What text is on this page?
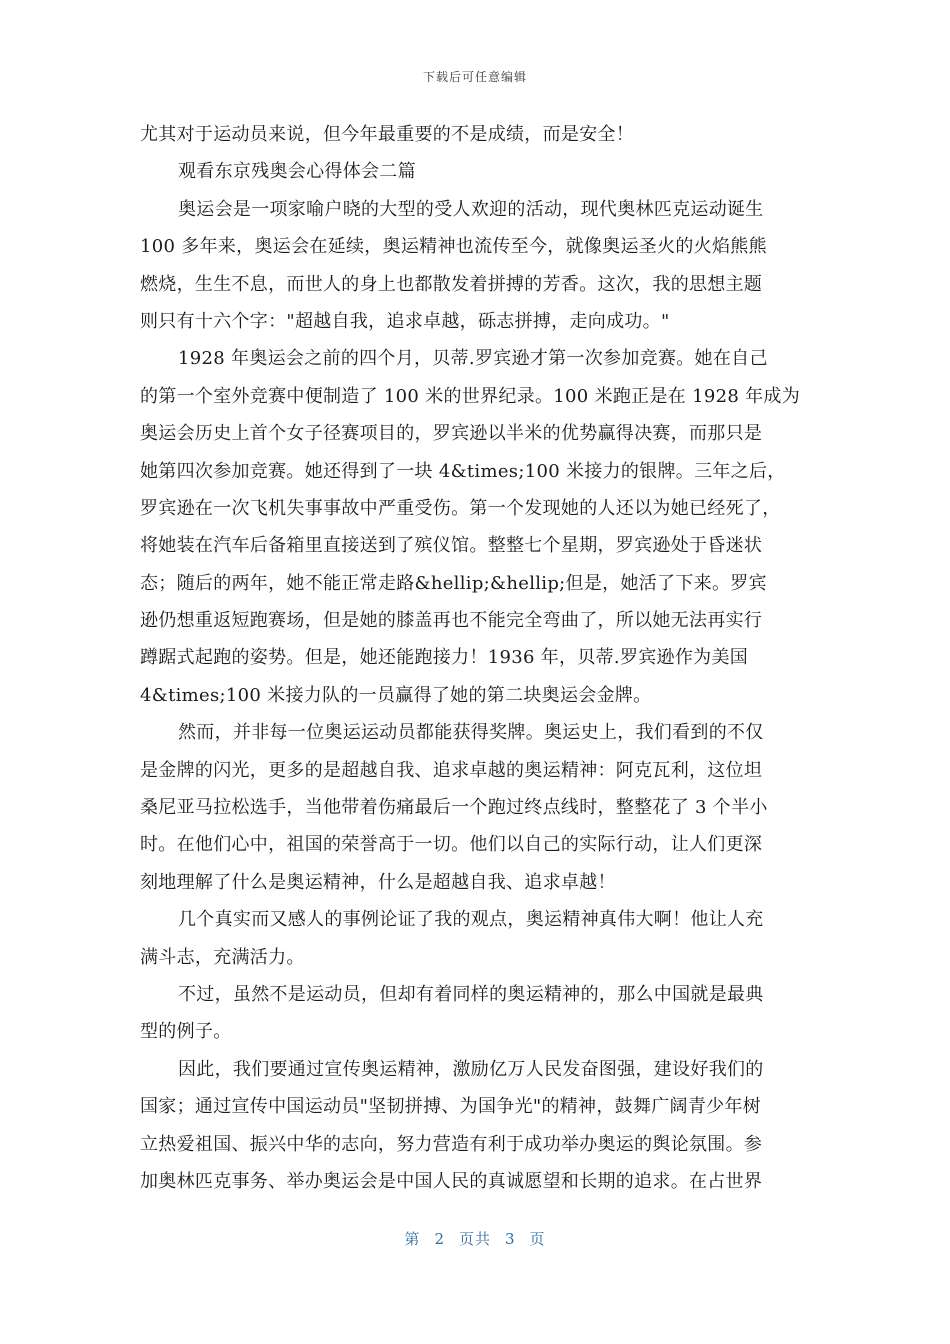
下载后可任意编辑
尤其对于运动员来说，但今年最重要的不是成绩，而是安全！
观看东京残奥会心得体会二篇
奥运会是一项家喻户晓的大型的受人欢迎的活动，现代奥林匹克运动诞生
100 多年来，奥运会在延续，奥运精神也流传至今，就像奥运圣火的火焰熊熊
燃烧，生生不息，而世人的身上也都散发着拼搏的芳香。这次，我的思想主题
则只有十六个字："超越自我，追求卓越，砾志拼搏，走向成功。"
1928 年奥运会之前的四个月，贝蒂.罗宾逊才第一次参加竞赛。她在自己
的第一个室外竞赛中便制造了 100 米的世界纪录。100 米跑正是在 1928 年成为
奥运会历史上首个女子径赛项目的，罗宾逊以半米的优势赢得决赛，而那只是
她第四次参加竞赛。她还得到了一块 4&times;100 米接力的银牌。三年之后，
罗宾逊在一次飞机失事事故中严重受伤。第一个发现她的人还以为她已经死了，
将她装在汽车后备箱里直接送到了殡仪馆。整整七个星期，罗宾逊处于昏迷状
态；随后的两年，她不能正常走路&hellip;&hellip;但是，她活了下来。罗宾
逊仍想重返短跑赛场，但是她的膝盖再也不能完全弯曲了，所以她无法再实行
蹲踞式起跑的姿势。但是，她还能跑接力！1936 年，贝蒂.罗宾逊作为美国
4&times;100 米接力队的一员赢得了她的第二块奥运会金牌。
然而，并非每一位奥运运动员都能获得奖牌。奥运史上，我们看到的不仅
是金牌的闪光，更多的是超越自我、追求卓越的奥运精神：阿克瓦利，这位坦
桑尼亚马拉松选手，当他带着伤痛最后一个跑过终点线时，整整花了 3 个半小
时。在他们心中，祖国的荣誉高于一切。他们以自己的实际行动，让人们更深
刻地理解了什么是奥运精神，什么是超越自我、追求卓越！
几个真实而又感人的事例论证了我的观点，奥运精神真伟大啊！他让人充
满斗志，充满活力。
不过，虽然不是运动员，但却有着同样的奥运精神的，那么中国就是最典
型的例子。
因此，我们要通过宣传奥运精神，激励亿万人民发奋图强，建设好我们的
国家；通过宣传中国运动员"坚韧拼搏、为国争光"的精神，鼓舞广阔青少年树
立热爱祖国、振兴中华的志向，努力营造有利于成功举办奥运的舆论氛围。参
加奥林匹克事务、举办奥运会是中国人民的真诚愿望和长期的追求。在占世界
第 2 页共 3 页
